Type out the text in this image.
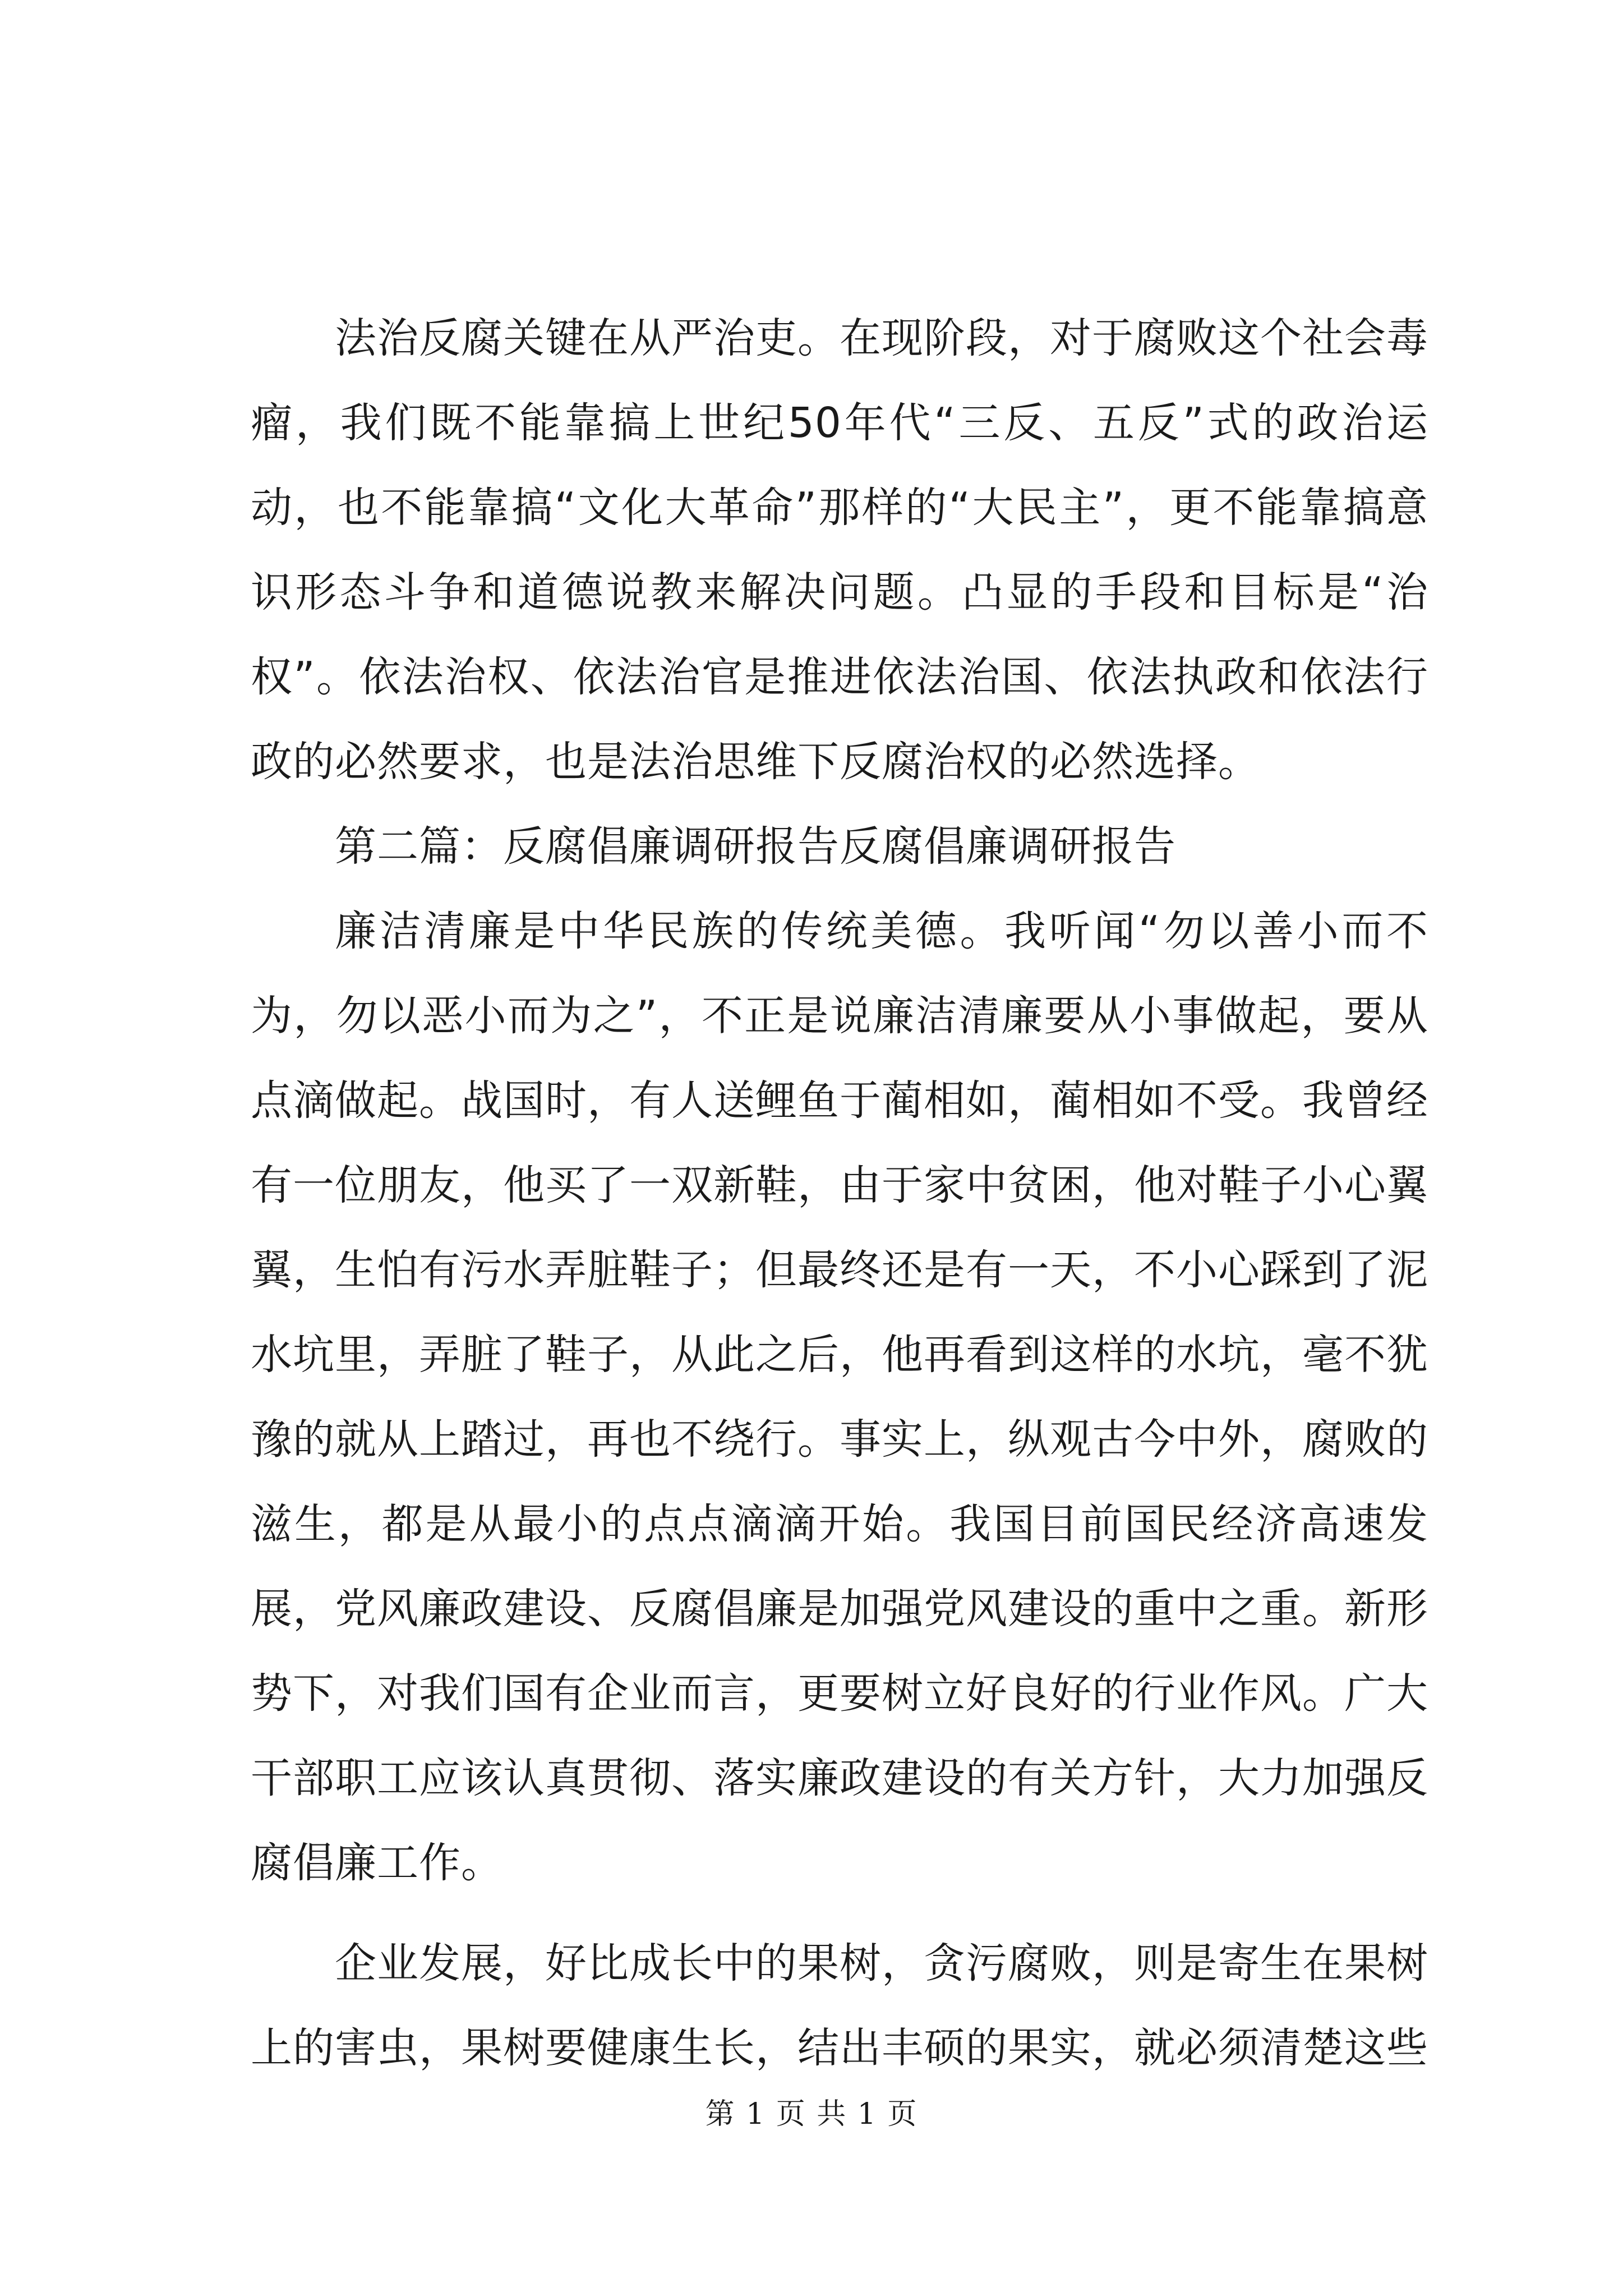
法治反腐关键在从严治吏。在现阶段，对于腐败这个社会毒瘤，我们既不能靠搞上世纪50年代“三反、五反”式的政治运动，也不能靠搞“文化大革命”那样的“大民主”，更不能靠搞意识形态斗争和道德说教来解决问题。凸显的手段和目标是“治权”。依法治权、依法治官是推进依法治国、依法执政和依法行政的必然要求，也是法治思维下反腐治权的必然选择。

第二篇：反腐倡廉调研报告反腐倡廉调研报告

廉洁清廉是中华民族的传统美德。我听闻“勿以善小而不为，勿以恶小而为之”，不正是说廉洁清廉要从小事做起，要从点滴做起。战国时，有人送鲤鱼于蔺相如，蔺相如不受。我曾经有一位朋友，他买了一双新鞋，由于家中贫困，他对鞋子小心翼翼，生怕有污水弄脏鞋子；但最终还是有一天，不小心踩到了泥水坑里，弄脏了鞋子，从此之后，他再看到这样的水坑，毫不犹豫的就从上踏过，再也不绕行。事实上，纵观古今中外，腐败的滋生，都是从最小的点点滴滴开始。我国目前国民经济高速发展，党风廉政建设、反腐倡廉是加强党风建设的重中之重。新形势下，对我们国有企业而言，更要树立好良好的行业作风。广大干部职工应该认真贯彻、落实廉政建设的有关方针，大力加强反腐倡廉工作。

企业发展，好比成长中的果树，贪污腐败，则是寄生在果树上的害虫，果树要健康生长，结出丰硕的果实，就必须清楚这些

第 1 页 共 1 页
